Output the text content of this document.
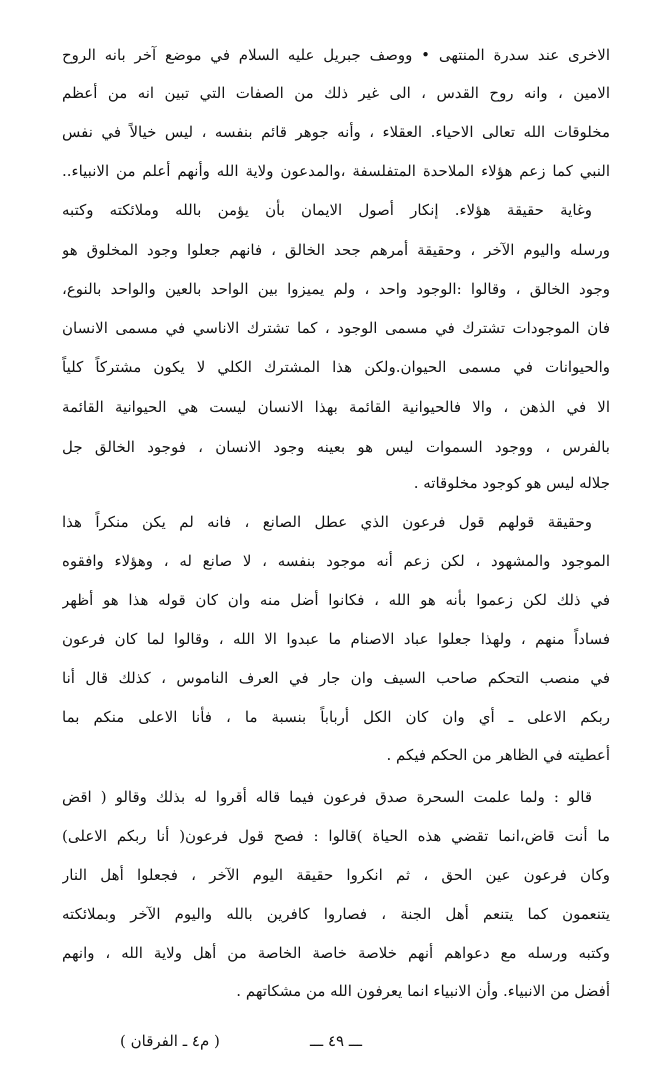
الاخرى عند سدرة المنتهى • ووصف جبريل عليه السلام في موضع آخر بانه الروح
الامين ، وانه روح القدس ، الى غير ذلك من الصفات التي تبين انه من أعظم
مخلوقات الله تعالى الاحياء. العقلاء ، وأنه جوهر قائم بنفسه ، ليس خيالاً في نفس
النبي كما زعم هؤلاء الملاحدة المتفلسفة ،والمدعون ولاية الله وأنهم أعلم من الانبياء..
وغاية حقيقة هؤلاء. إنكار أصول الايمان بأن يؤمن بالله وملائكته وكتبه
ورسله واليوم الآخر ، وحقيقة أمرهم جحد الخالق ، فانهم جعلوا وجود المخلوق هو
وجود الخالق ، وقالوا :الوجود واحد ، ولم يميزوا بين الواحد بالعين والواحد بالنوع،
فان الموجودات تشترك في مسمى الوجود ، كما تشترك الاناسي في مسمى الانسان
والحيوانات في مسمى الحيوان.ولكن هذا المشترك الكلي لا يكون مشتركاً كلياً
الا في الذهن ، والا فالحيوانية القائمة بهذا الانسان ليست هي الحيوانية القائمة
بالفرس ، ووجود السموات ليس هو بعينه وجود الانسان ، فوجود الخالق جل
جلاله ليس هو كوجود مخلوقاته .
وحقيقة قولهم قول فرعون الذي عطل الصانع ، فانه لم يكن منكراً هذا
الموجود والمشهود ، لكن زعم أنه موجود بنفسه ، لا صانع له ، وهؤلاء وافقوه
في ذلك لكن زعموا بأنه هو الله ، فكانوا أضل منه وان كان قوله هذا هو أظهر
فساداً منهم ، ولهذا جعلوا عباد الاصنام ما عبدوا الا الله ، وقالوا لما كان فرعون
في منصب التحكم صاحب السيف وان جار في العرف الناموس ، كذلك قال أنا
ربكم الاعلى ـ أي وان كان الكل أرباباً بنسبة ما ، فأنا الاعلى منكم بما
أعطيته في الظاهر من الحكم فيكم .
قالو : ولما علمت السحرة صدق فرعون فيما قاله أقروا له بذلك وقالو ( اقض
ما أنت قاض،انما تقضي هذه الحياة )قالوا : فصح قول فرعون( أنا ربكم الاعلى)
وكان فرعون عين الحق ، ثم انكروا حقيقة اليوم الآخر ، فجعلوا أهل النار
يتنعمون كما يتنعم أهل الجنة ، فصاروا كافرين بالله واليوم الآخر وبملائكته
وكتبه ورسله مع دعواهم أنهم خلاصة خاصة الخاصة من أهل ولاية الله ، وانهم
أفضل من الانبياء. وأن الانبياء انما يعرفون الله من مشكاتهم .
ـــ ٤٩ ـــ
( م٤ ـ الفرقان )
